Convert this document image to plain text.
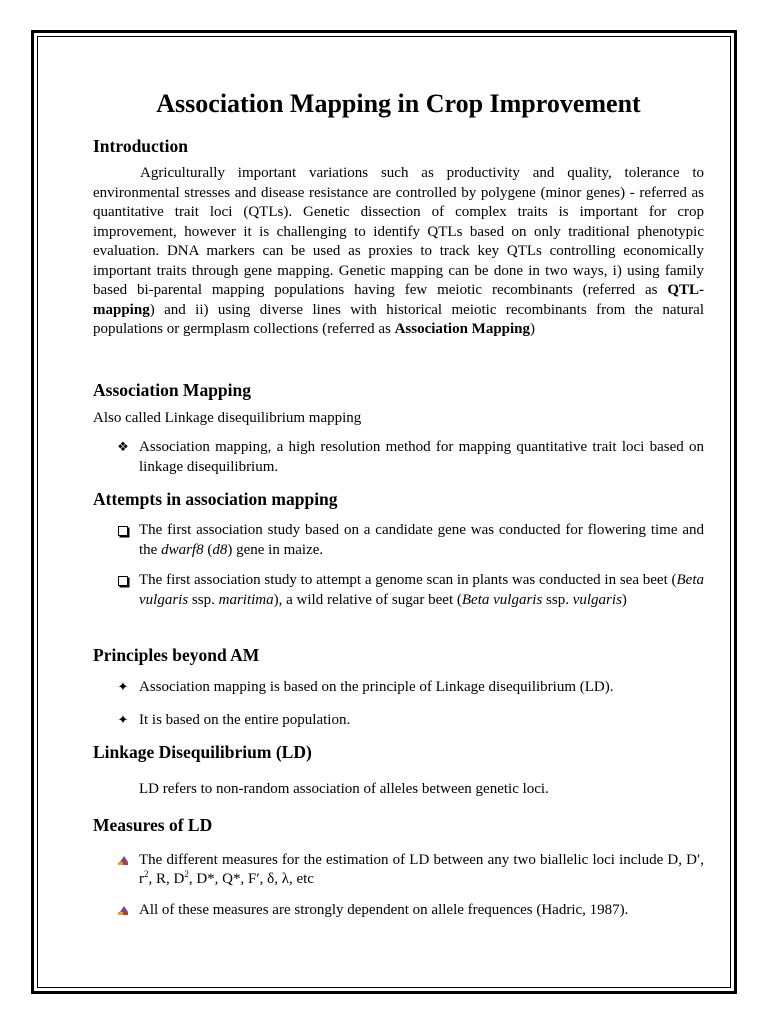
Association Mapping in Crop Improvement
Introduction

Agriculturally important variations such as productivity and quality, tolerance to environmental stresses and disease resistance are controlled by polygene (minor genes) - referred as quantitative trait loci (QTLs). Genetic dissection of complex traits is important for crop improvement, however it is challenging to identify QTLs based on only traditional phenotypic evaluation. DNA markers can be used as proxies to track key QTLs controlling economically important traits through gene mapping. Genetic mapping can be done in two ways, i) using family based bi-parental mapping populations having few meiotic recombinants (referred as QTL-mapping) and ii) using diverse lines with historical meiotic recombinants from the natural populations or germplasm collections (referred as Association Mapping)

Association Mapping

Also called Linkage disequilibrium mapping

❖ Association mapping, a high resolution method for mapping quantitative trait loci based on linkage disequilibrium.
Attempts in association mapping
The first association study based on a candidate gene was conducted for flowering time and the dwarf8 (d8) gene in maize.
The first association study to attempt a genome scan in plants was conducted in sea beet (Beta vulgaris ssp. maritima), a wild relative of sugar beet (Beta vulgaris ssp. vulgaris)
Principles beyond AM
✦ Association mapping is based on the principle of Linkage disequilibrium (LD).
✦ It is based on the entire population.
Linkage Disequilibrium (LD)

LD refers to non-random association of alleles between genetic loci.

Measures of LD
The different measures for the estimation of LD between any two biallelic loci include D, D′, $r^2$, R, $D^2$, D*, Q*, F′, δ, λ, etc
All of these measures are strongly dependent on allele frequences (Hadric, 1987).
